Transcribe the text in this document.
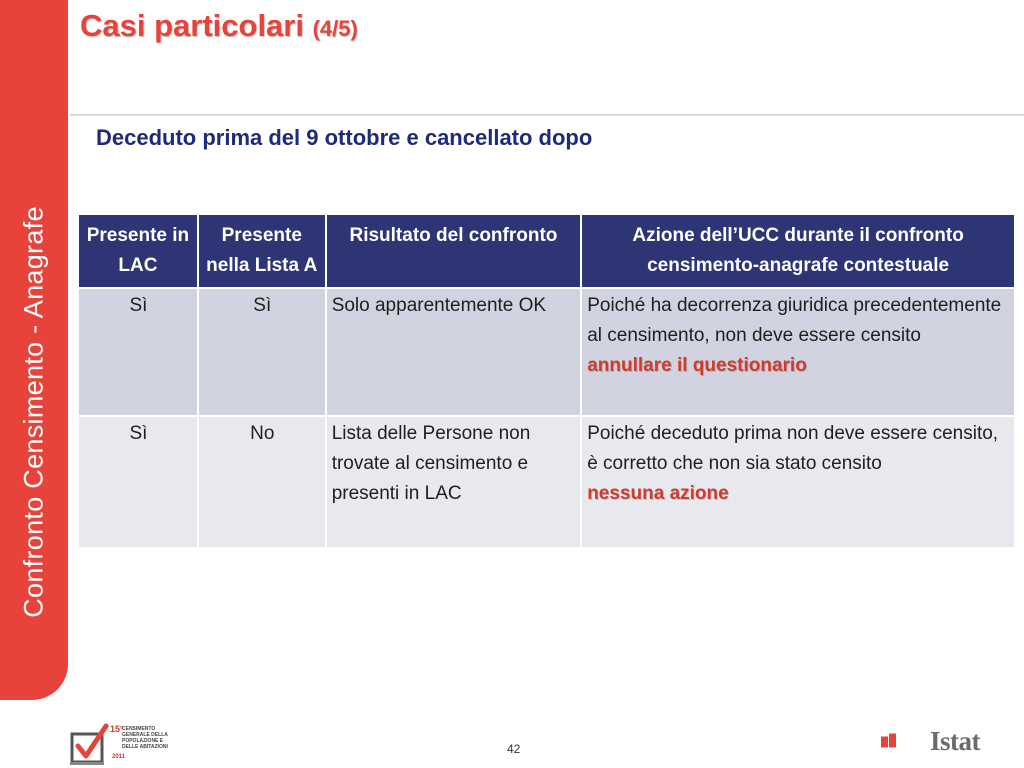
Confronto Censimento - Anagrafe
Casi particolari (4/5)
Deceduto prima del 9 ottobre e cancellato dopo
Presente in LAC	Presente nella Lista A	Risultato del confronto	Azione dell’UCC durante il confronto censimento-anagrafe contestuale
Sì	Sì	Solo apparentemente OK	Poiché ha decorrenza giuridica precedentemente al censimento, non deve essere censito
annullare il questionario
Sì	No	Lista delle Persone non trovate al censimento e presenti in LAC	Poiché deceduto prima non deve essere censito, è corretto che non sia stato censito
nessuna azione
15°
CENSIMENTO GENERALE DELLA POPOLAZIONE E DELLE ABITAZIONI
2011
42	Istat
